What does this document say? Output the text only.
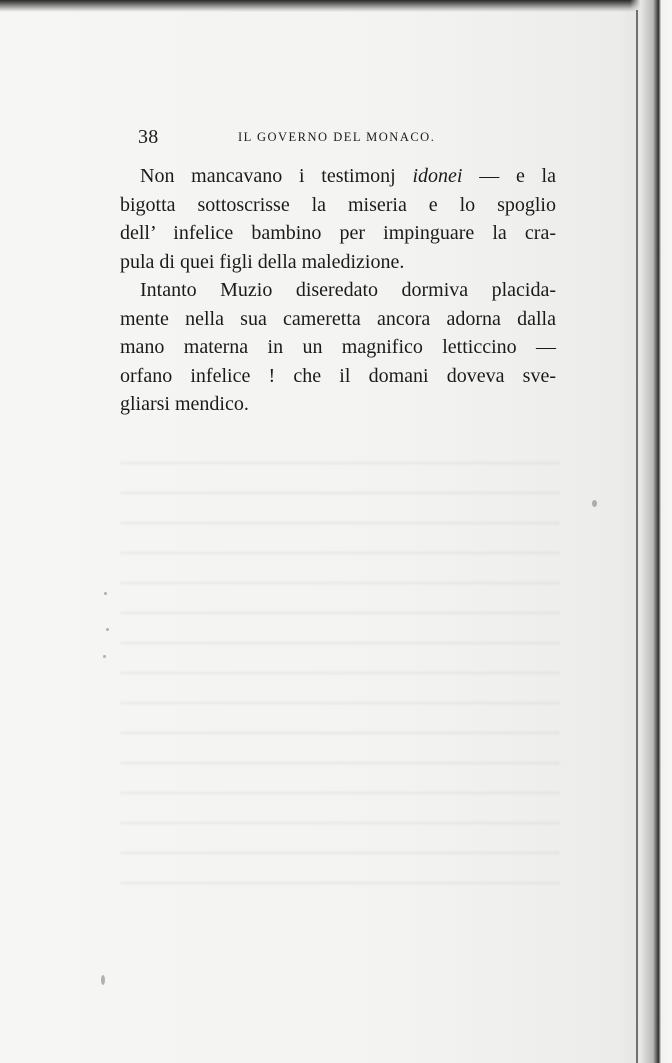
38	IL GOVERNO DEL MONACO.

Non mancavano i testimonj idonei — e la
bigotta sottoscrisse la miseria e lo spoglio
dell’ infelice bambino per impinguare la cra-
pula di quei figli della maledizione.

Intanto Muzio diseredato dormiva placida-
mente nella sua cameretta ancora adorna dalla
mano materna in un magnifico letticcino —
orfano infelice ! che il domani doveva sve-
gliarsi mendico.
